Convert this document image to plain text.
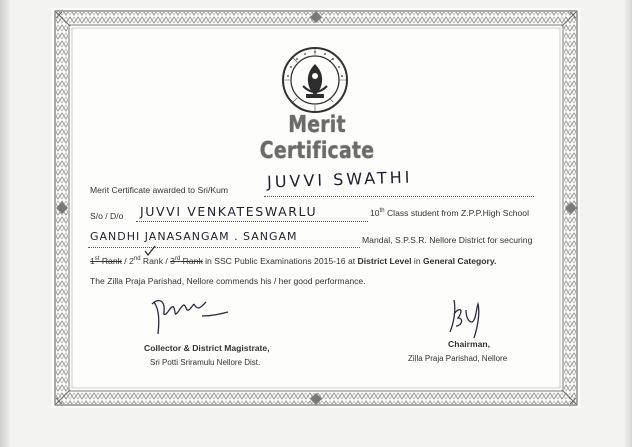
Merit Certificate
Merit Certificate awarded to Sri/Kum JUVVI SWATHI
S/o / D/o JUVVI VENKATESWARLU	10th Class student from Z.P.P.High School
GANDHI JANASANGAM . SANGAM	Mandal, S.P.S.R. Nellore District for securing
1st Rank / 2nd Rank / 3rd Rank in SSC Public Examinations 2015-16 at District Level in General Category.
The Zilla Praja Parishad, Nellore commends his / her good performance.
Collector & District Magistrate,
Sri Potti Sriramulu Nellore Dist.
Chairman,
Zilla Praja Parishad, Nellore
